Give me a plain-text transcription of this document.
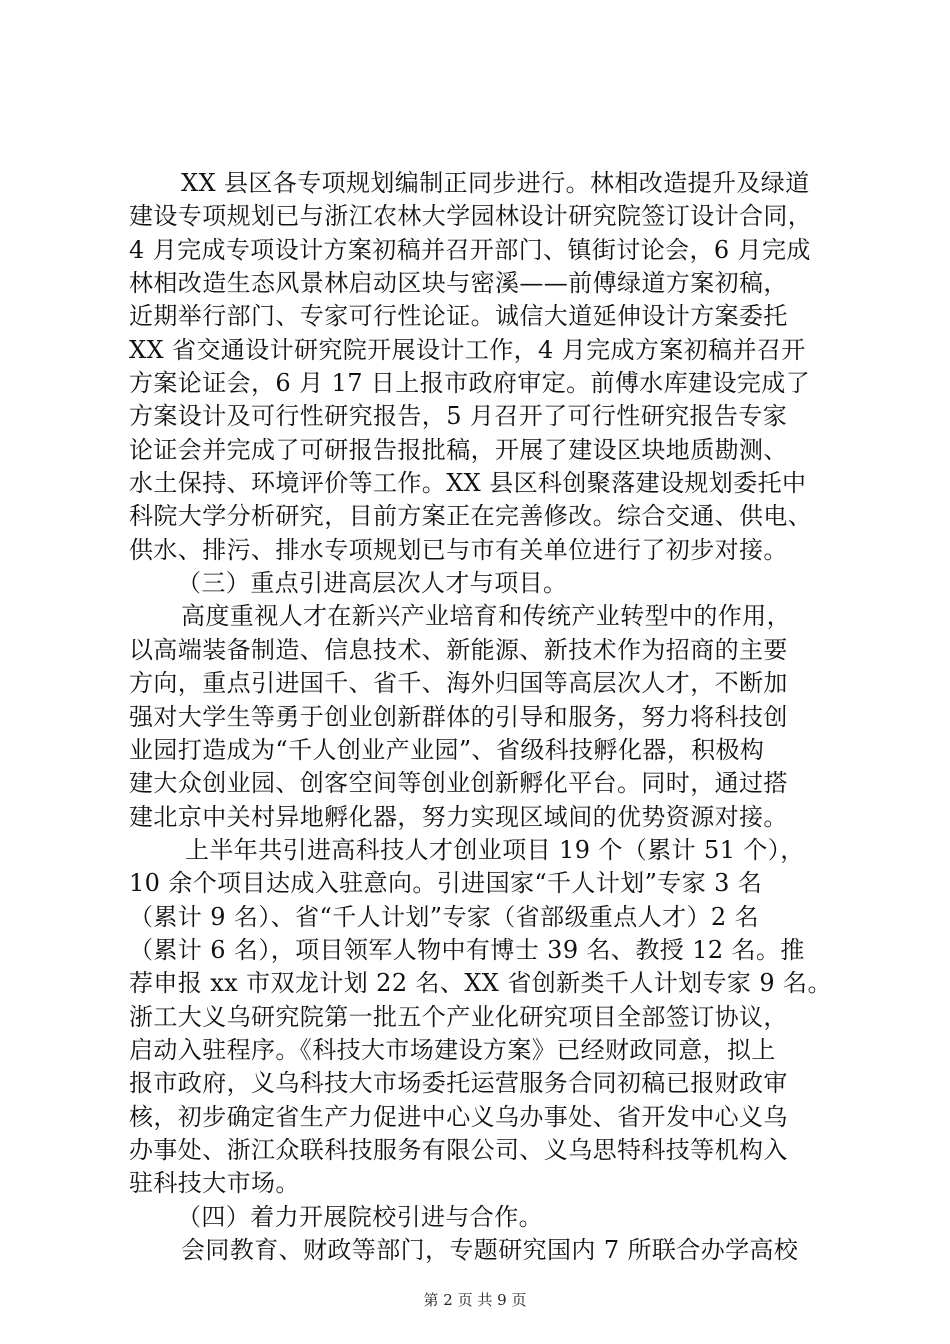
XX 县区各专项规划编制正同步进行。林相改造提升及绿道
建设专项规划已与浙江农林大学园林设计研究院签订设计合同，
4 月完成专项设计方案初稿并召开部门、镇街讨论会，6 月完成
林相改造生态风景林启动区块与密溪——前傅绿道方案初稿，
近期举行部门、专家可行性论证。诚信大道延伸设计方案委托
XX 省交通设计研究院开展设计工作，4 月完成方案初稿并召开
方案论证会，6 月 17 日上报市政府审定。前傅水库建设完成了
方案设计及可行性研究报告，5 月召开了可行性研究报告专家
论证会并完成了可研报告报批稿，开展了建设区块地质勘测、
水土保持、环境评价等工作。XX 县区科创聚落建设规划委托中
科院大学分析研究，目前方案正在完善修改。综合交通、供电、
供水、排污、排水专项规划已与市有关单位进行了初步对接。
（三）重点引进高层次人才与项目。
高度重视人才在新兴产业培育和传统产业转型中的作用，
以高端装备制造、信息技术、新能源、新技术作为招商的主要
方向，重点引进国千、省千、海外归国等高层次人才，不断加
强对大学生等勇于创业创新群体的引导和服务，努力将科技创
业园打造成为“千人创业产业园”、省级科技孵化器，积极构
建大众创业园、创客空间等创业创新孵化平台。同时，通过搭
建北京中关村异地孵化器，努力实现区域间的优势资源对接。
上半年共引进高科技人才创业项目 19 个（累计 51 个），
10 余个项目达成入驻意向。引进国家“千人计划”专家 3 名
（累计 9 名）、省“千人计划”专家（省部级重点人才）2 名
（累计 6 名），项目领军人物中有博士 39 名、教授 12 名。推
荐申报 xx 市双龙计划 22 名、XX 省创新类千人计划专家 9 名。
浙工大义乌研究院第一批五个产业化研究项目全部签订协议，
启动入驻程序。《科技大市场建设方案》已经财政同意，拟上
报市政府，义乌科技大市场委托运营服务合同初稿已报财政审
核，初步确定省生产力促进中心义乌办事处、省开发中心义乌
办事处、浙江众联科技服务有限公司、义乌思特科技等机构入
驻科技大市场。
（四）着力开展院校引进与合作。
会同教育、财政等部门，专题研究国内 7 所联合办学高校
第 2 页 共 9 页
